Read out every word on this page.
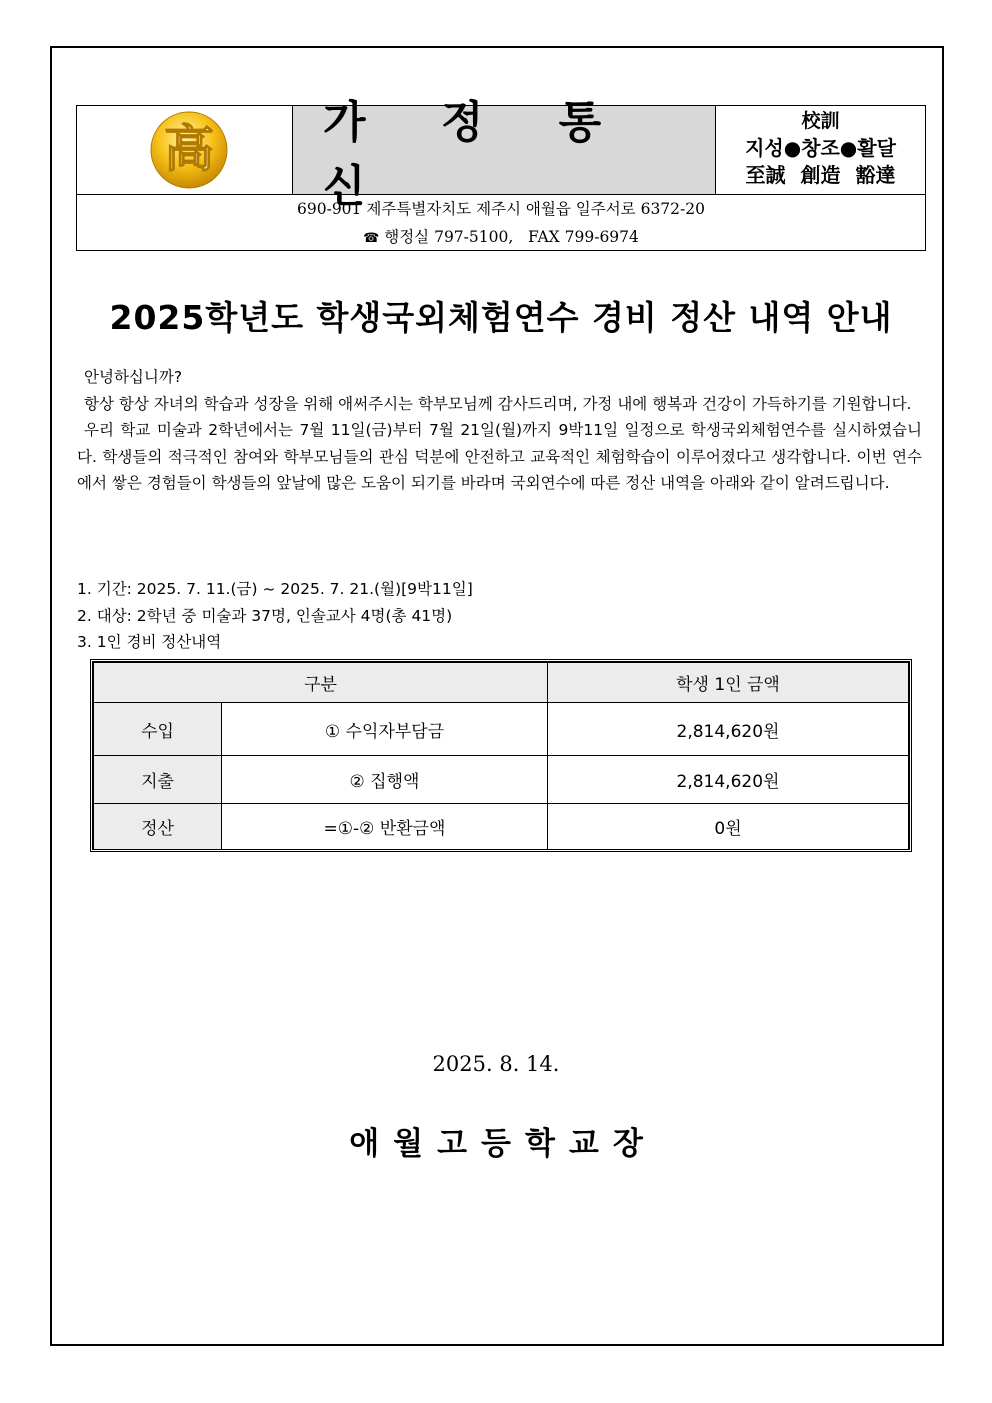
高	가 정 통 신
校訓
지성●창조●활달
至誠 創造 豁達
690-901 제주특별자치도 제주시 애월읍 일주서로 6372-20
☎ 행정실 797-5100,   FAX 799-6974
2025학년도 학생국외체험연수 경비 정산 내역 안내

안녕하십니까?

항상 항상 자녀의 학습과 성장을 위해 애써주시는 학부모님께 감사드리며, 가정 내에 행복과 건강이 가득하기를 기원합니다.

우리 학교 미술과 2학년에서는 7월 11일(금)부터 7월 21일(월)까지 9박11일 일정으로 학생국외체험연수를 실시하였습니다. 학생들의 적극적인 참여와 학부모님들의 관심 덕분에 안전하고 교육적인 체험학습이 이루어졌다고 생각합니다. 이번 연수에서 쌓은 경험들이 학생들의 앞날에 많은 도움이 되기를 바라며 국외연수에 따른 정산 내역을 아래와 같이 알려드립니다.

1. 기간: 2025. 7. 11.(금) ~ 2025. 7. 21.(월)[9박11일]
2. 대상: 2학년 중 미술과 37명, 인솔교사 4명(총 41명)
3. 1인 경비 정산내역
구분		학생 1인 금액
수입	① 수익자부담금	2,814,620원
지출	② 집행액	2,814,620원
정산	=①-② 반환금액	0원
2025. 8. 14.
애월고등학교장
